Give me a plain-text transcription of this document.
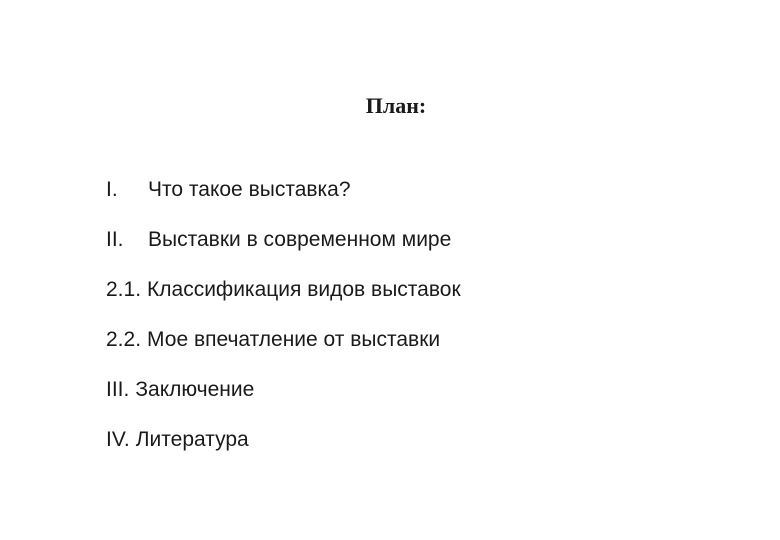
План:
I. Что такое выставка?
II. Выставки в современном мире
2.1. Классификация видов выставок
2.2. Мое впечатление от выставки
III. Заключение
IV. Литература
